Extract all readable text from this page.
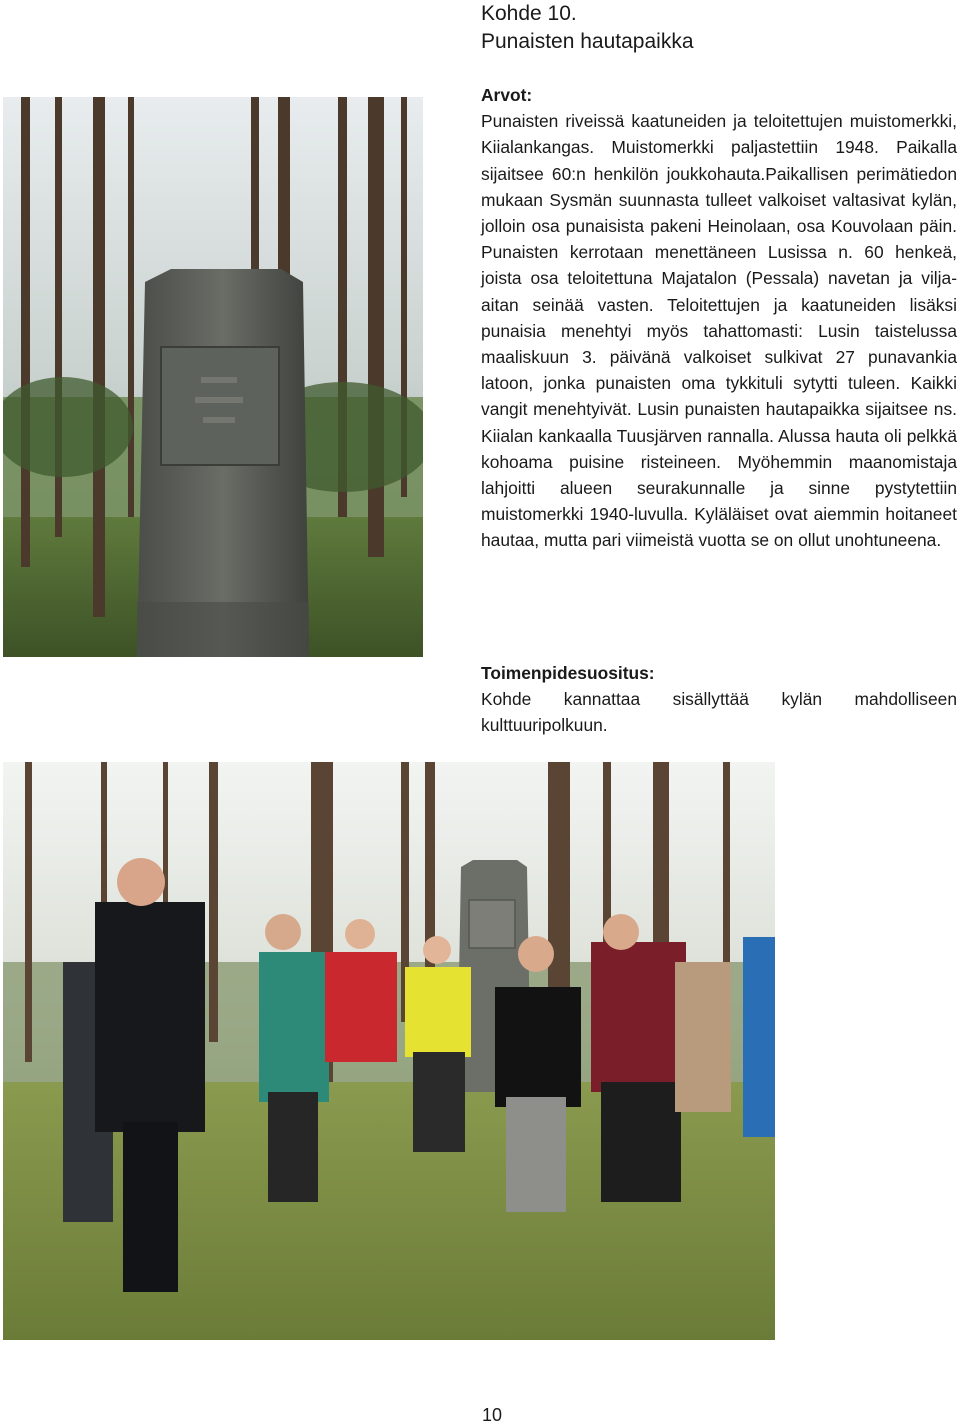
Kohde 10.
Punaisten hautapaikka
Arvot:

Punaisten riveissä kaatuneiden ja teloitettujen muistomerkki, Kiialankangas. Muistomerkki paljastettiin 1948. Paikalla sijaitsee 60:n henkilön joukkohauta.Paikallisen perimätiedon mukaan Sysmän suunnasta tulleet valkoiset valtasivat kylän, jolloin osa punaisista pakeni Heinolaan, osa Kouvolaan päin. Punaisten kerrotaan menettäneen Lusissa n. 60 henkeä, joista osa teloitettuna Majatalon (Pessala) navetan ja vilja-aitan seinää vasten. Teloitettujen ja kaatuneiden lisäksi punaisia menehtyi myös tahattomasti: Lusin taistelussa maaliskuun 3. päivänä valkoiset sulkivat 27 punavankia latoon, jonka punaisten oma tykkituli sytytti tuleen. Kaikki vangit menehtyivät. Lusin punaisten hautapaikka sijaitsee ns. Kiialan kankaalla Tuusjärven rannalla. Alussa hauta oli pelkkä kohoama puisine risteineen. Myöhemmin maanomistaja lahjoitti alueen seurakunnalle ja sinne pystytettiin muistomerkki 1940-luvulla. Kyläläiset ovat aiemmin hoitaneet hautaa, mutta pari viimeistä vuotta se on ollut unohtuneena.

Toimenpidesuositus:

Kohde kannattaa sisällyttää kylän mahdolliseen kulttuuripolkuun.

10
